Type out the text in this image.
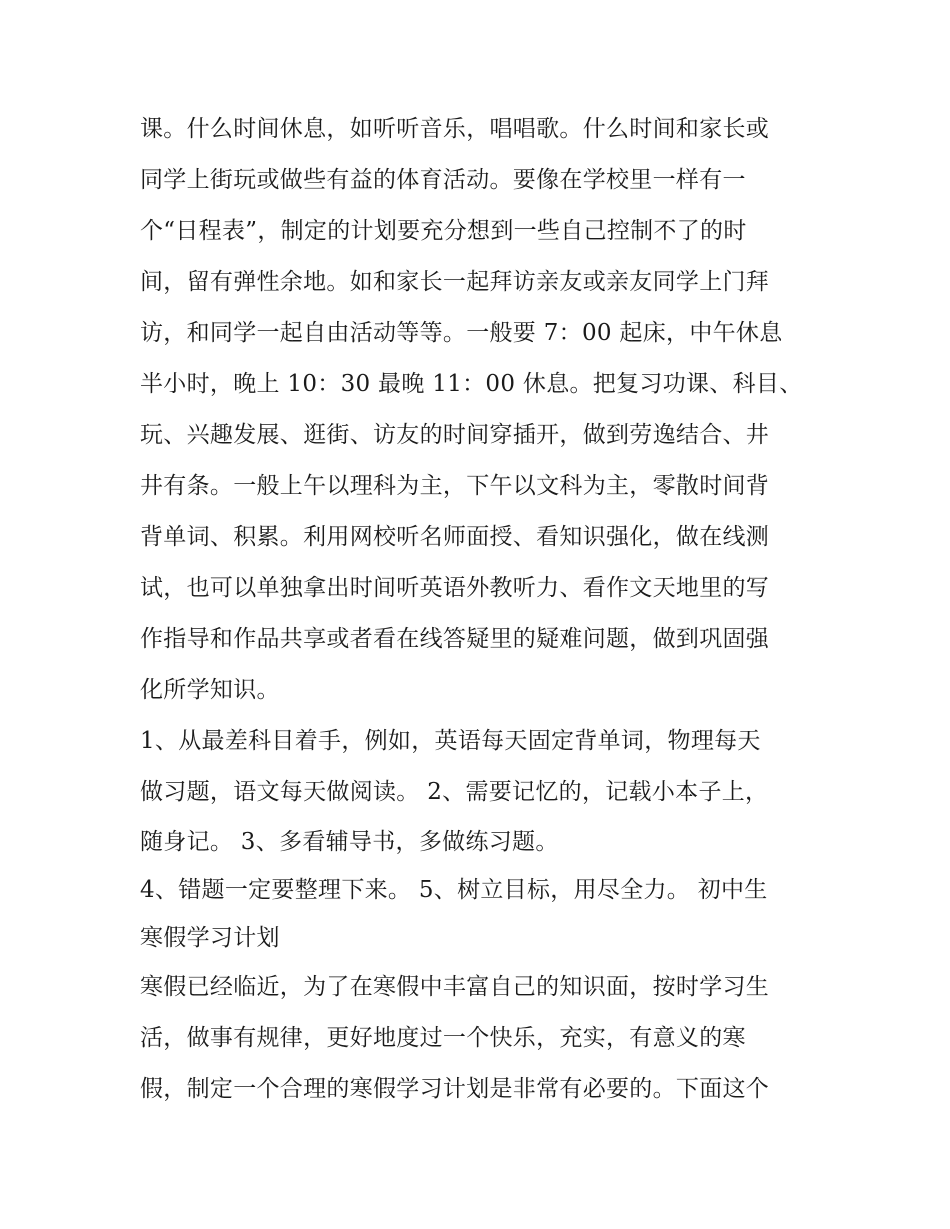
课。什么时间休息，如听听音乐，唱唱歌。什么时间和家长或
同学上街玩或做些有益的体育活动。要像在学校里一样有一
个“日程表”，制定的计划要充分想到一些自己控制不了的时
间，留有弹性余地。如和家长一起拜访亲友或亲友同学上门拜
访，和同学一起自由活动等等。一般要 7：00 起床，中午休息
半小时，晚上 10：30 最晚 11：00 休息。把复习功课、科目、
玩、兴趣发展、逛街、访友的时间穿插开，做到劳逸结合、井
井有条。一般上午以理科为主，下午以文科为主，零散时间背
背单词、积累。利用网校听名师面授、看知识强化，做在线测
试，也可以单独拿出时间听英语外教听力、看作文天地里的写
作指导和作品共享或者看在线答疑里的疑难问题，做到巩固强
化所学知识。
1、从最差科目着手，例如，英语每天固定背单词，物理每天
做习题，语文每天做阅读。 2、需要记忆的，记载小本子上，
随身记。 3、多看辅导书，多做练习题。
4、错题一定要整理下来。 5、树立目标，用尽全力。 初中生
寒假学习计划
寒假已经临近，为了在寒假中丰富自己的知识面，按时学习生
活，做事有规律，更好地度过一个快乐，充实，有意义的寒
假，制定一个合理的寒假学习计划是非常有必要的。下面这个
